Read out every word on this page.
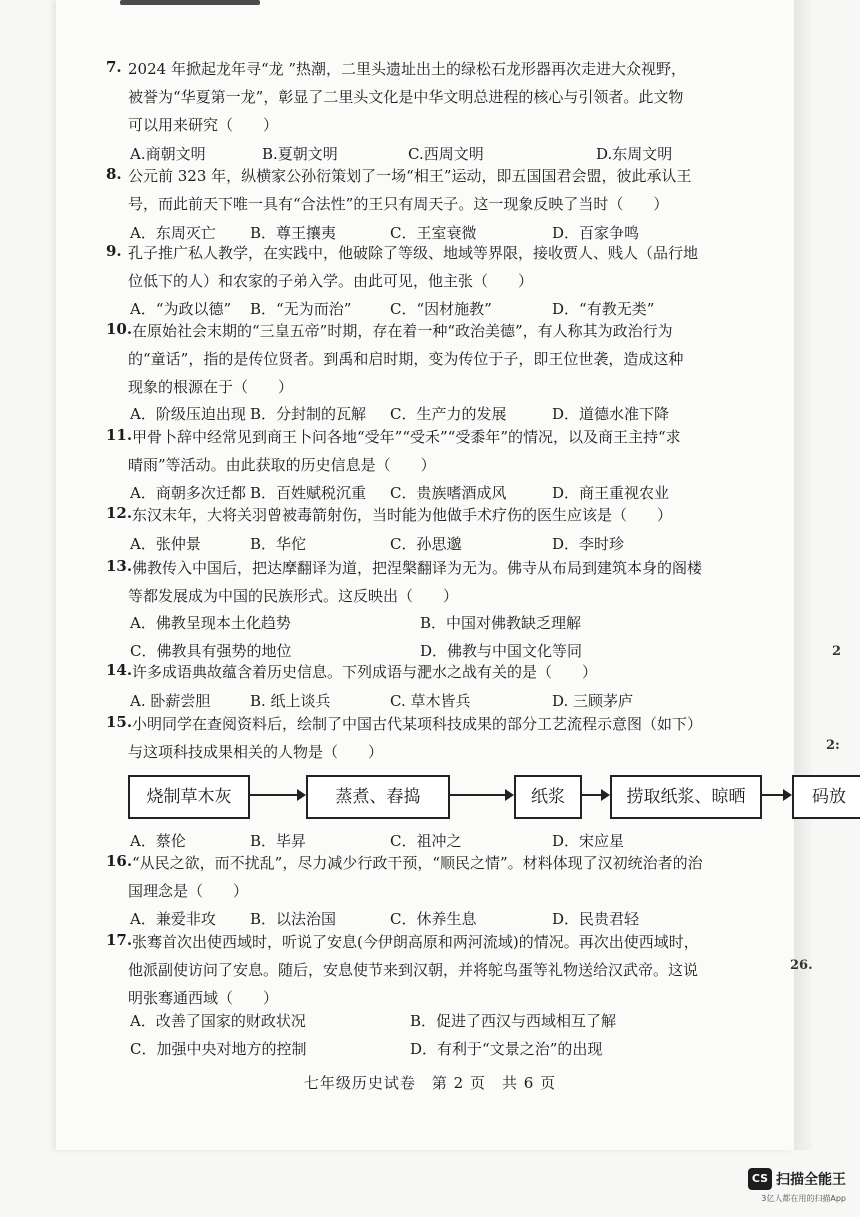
7. 2024 年掀起龙年寻“龙 ”热潮，二里头遗址出土的绿松石龙形器再次走进大众视野，
被誉为“华夏第一龙”，彰显了二里头文化是中华文明总进程的核心与引领者。此文物
可以用来研究（　　）
A.商朝文明	B.夏朝文明	C.西周文明	D.东周文明
8. 公元前 323 年，纵横家公孙衍策划了一场“相王”运动，即五国国君会盟，彼此承认王
号，而此前天下唯一具有“合法性”的王只有周天子。这一现象反映了当时（　　）
A．东周灭亡 B．尊王攘夷	C．王室衰微	D．百家争鸣
9. 孔子推广私人教学，在实践中，他破除了等级、地域等界限，接收贾人、贱人（品行地
位低下的人）和农家的子弟入学。由此可见，他主张（　　）
A．“为政以德” B．“无为而治”	C．“因材施教”	D．“有教无类”
10. 在原始社会末期的“三皇五帝”时期，存在着一种“政治美德”，有人称其为政治行为
的“童话”，指的是传位贤者。到禹和启时期，变为传位于子，即王位世袭，造成这种
现象的根源在于（　　）
A．阶级压迫出现 B．分封制的瓦解 C．生产力的发展	D．道德水准下降
11. 甲骨卜辞中经常见到商王卜问各地“受年”“受禾”“受黍年”的情况，以及商王主持“求
晴雨”等活动。由此获取的历史信息是（　　）
A．商朝多次迁都 B．百姓赋税沉重 C．贵族嗜酒成风	D．商王重视农业
12. 东汉末年，大将关羽曾被毒箭射伤，当时能为他做手术疗伤的医生应该是（　　）
A．张仲景	B．华佗	C．孙思邈	D．李时珍
13. 佛教传入中国后，把达摩翻译为道，把涅槃翻译为无为。佛寺从布局到建筑本身的阁楼
等都发展成为中国的民族形式。这反映出（　　）
A．佛教呈现本土化趋势	B．中国对佛教缺乏理解
C．佛教具有强势的地位	D．佛教与中国文化等同
14. 许多成语典故蕴含着历史信息。下列成语与淝水之战有关的是（　　）
A. 卧薪尝胆	B. 纸上谈兵	C. 草木皆兵	D. 三顾茅庐
15. 小明同学在查阅资料后，绘制了中国古代某项科技成果的部分工艺流程示意图（如下）
与这项科技成果相关的人物是（　　）
A．蔡伦	B．毕昇	C．祖冲之	D．宋应星
16. “从民之欲，而不扰乱”，尽力减少行政干预，“顺民之情”。材料体现了汉初统治者的治
国理念是（　　）
A．兼爱非攻 B．以法治国	C．休养生息	D．民贵君轻
17. 张骞首次出使西域时，听说了安息(今伊朗高原和两河流域)的情况。再次出使西域时，
他派副使访问了安息。随后，安息使节来到汉朝，并将鸵鸟蛋等礼物送给汉武帝。这说
明张骞通西域（　　）
A．改善了国家的财政状况	B．促进了西汉与西域相互了解
C．加强中央对地方的控制	D．有利于“文景之治”的出现
烧制草木灰	蒸煮、舂捣	纸浆	捞取纸浆、晾晒	码放
七年级历史试卷　第 2 页　共 6 页
2
2:
26.
CS 扫描全能王
3亿人都在用的扫描App
